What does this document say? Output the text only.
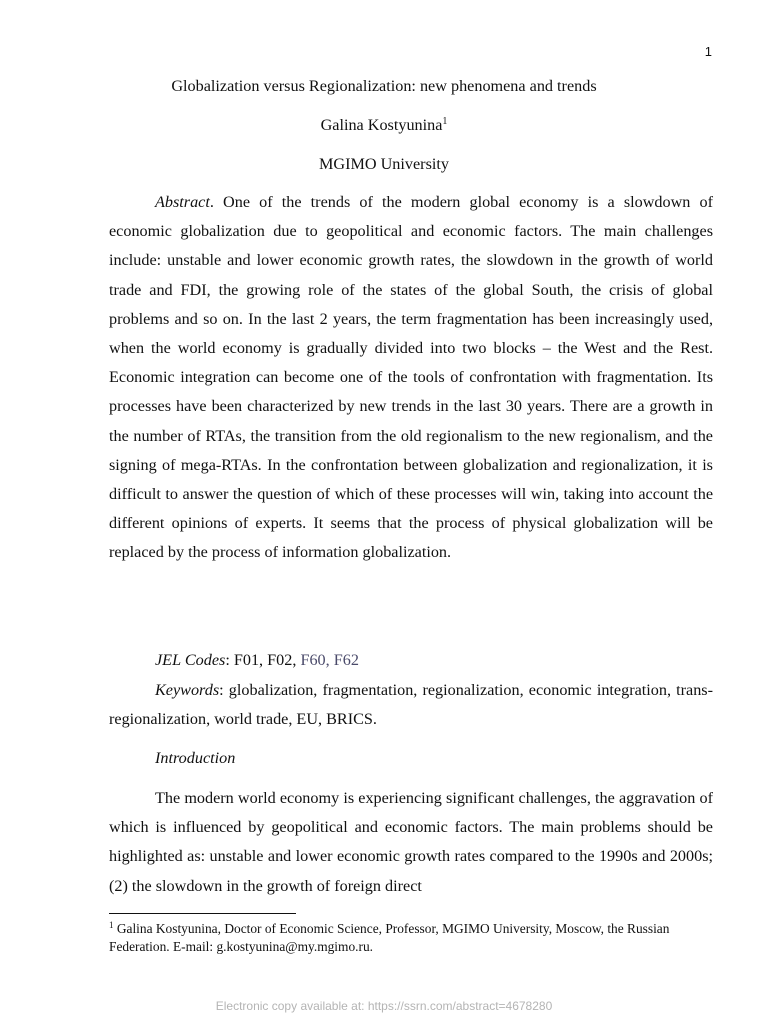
1
Globalization versus Regionalization: new phenomena and trends
Galina Kostyunina$^1$
MGIMO University

Abstract. One of the trends of the modern global economy is a slowdown of economic globalization due to geopolitical and economic factors. The main challenges include: unstable and lower economic growth rates, the slowdown in the growth of world trade and FDI, the growing role of the states of the global South, the crisis of global problems and so on. In the last 2 years, the term fragmentation has been increasingly used, when the world economy is gradually divided into two blocks – the West and the Rest. Economic integration can become one of the tools of confrontation with fragmentation. Its processes have been characterized by new trends in the last 30 years. There are a growth in the number of RTAs, the transition from the old regionalism to the new regionalism, and the signing of mega-RTAs. In the confrontation between globalization and regionalization, it is difficult to answer the question of which of these processes will win, taking into account the different opinions of experts. It seems that the process of physical globalization will be replaced by the process of information globalization.

JEL Codes: F01, F02, F60, F62

Keywords: globalization, fragmentation, regionalization, economic integration, trans-regionalization, world trade, EU, BRICS.

Introduction

The modern world economy is experiencing significant challenges, the aggravation of which is influenced by geopolitical and economic factors. The main problems should be highlighted as: unstable and lower economic growth rates compared to the 1990s and 2000s; (2) the slowdown in the growth of foreign direct

$^1$ Galina Kostyunina, Doctor of Economic Science, Professor, MGIMO University, Moscow, the Russian Federation. E-mail: g.kostyunina@my.mgimo.ru.

Electronic copy available at: https://ssrn.com/abstract=4678280
